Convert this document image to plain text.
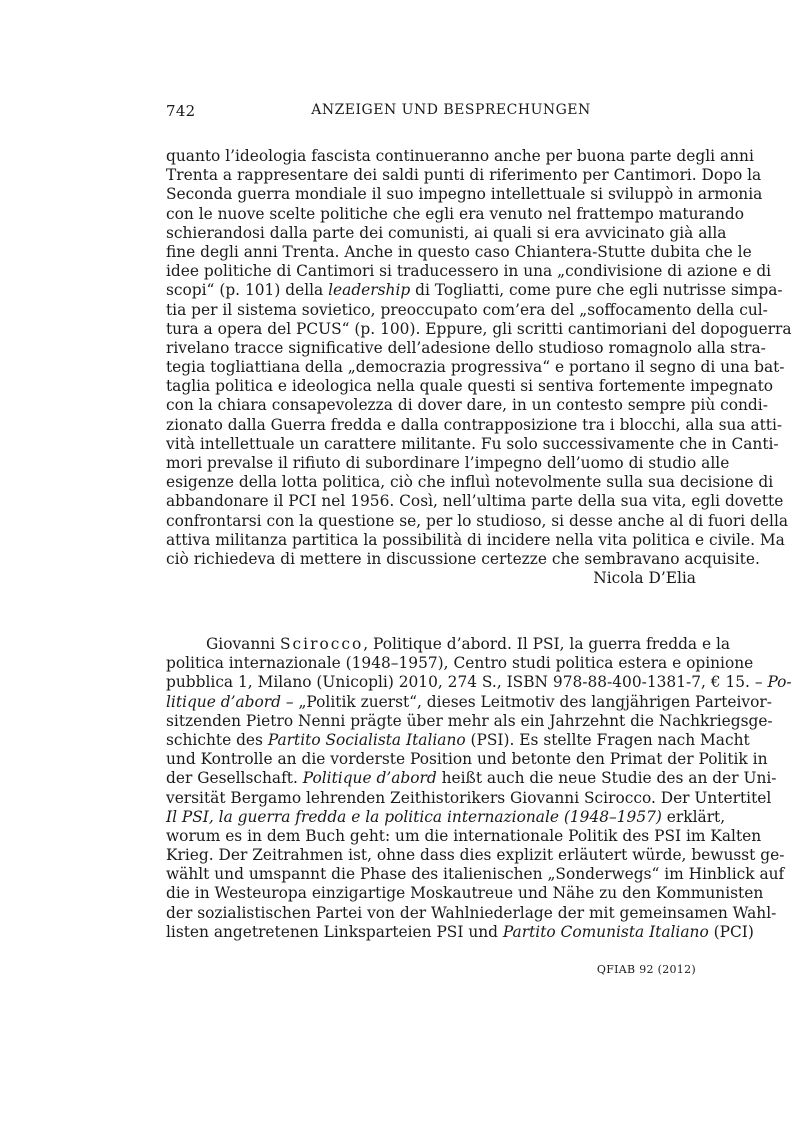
742	ANZEIGEN UND BESPRECHUNGEN
quanto l’ideologia fascista continueranno anche per buona parte degli anni
Trenta a rappresentare dei saldi punti di riferimento per Cantimori. Dopo la
Seconda guerra mondiale il suo impegno intellettuale si sviluppò in armonia
con le nuove scelte politiche che egli era venuto nel frattempo maturando
schierandosi dalla parte dei comunisti, ai quali si era avvicinato già alla
fine degli anni Trenta. Anche in questo caso Chiantera-Stutte dubita che le
idee politiche di Cantimori si traducessero in una „condivisione di azione e di
scopi“ (p. 101) della leadership di Togliatti, come pure che egli nutrisse simpa-
tia per il sistema sovietico, preoccupato com’era del „soffocamento della cul-
tura a opera del PCUS“ (p. 100). Eppure, gli scritti cantimoriani del dopoguerra
rivelano tracce significative dell’adesione dello studioso romagnolo alla stra-
tegia togliattiana della „democrazia progressiva“ e portano il segno di una bat-
taglia politica e ideologica nella quale questi si sentiva fortemente impegnato
con la chiara consapevolezza di dover dare, in un contesto sempre più condi-
zionato dalla Guerra fredda e dalla contrapposizione tra i blocchi, alla sua atti-
vità intellettuale un carattere militante. Fu solo successivamente che in Canti-
mori prevalse il rifiuto di subordinare l’impegno dell’uomo di studio alle
esigenze della lotta politica, ciò che influì notevolmente sulla sua decisione di
abbandonare il PCI nel 1956. Così, nell’ultima parte della sua vita, egli dovette
confrontarsi con la questione se, per lo studioso, si desse anche al di fuori della
attiva militanza partitica la possibilità di incidere nella vita politica e civile. Ma
ciò richiedeva di mettere in discussione certezze che sembravano acquisite.
Nicola D’Elia
Giovanni Scirocco, Politique d’abord. Il PSI, la guerra fredda e la
politica internazionale (1948–1957), Centro studi politica estera e opinione
pubblica 1, Milano (Unicopli) 2010, 274 S., ISBN 978-88-400-1381-7, € 15. – Po-
litique d’abord – „Politik zuerst“, dieses Leitmotiv des langjährigen Parteivor-
sitzenden Pietro Nenni prägte über mehr als ein Jahrzehnt die Nachkriegsge-
schichte des Partito Socialista Italiano (PSI). Es stellte Fragen nach Macht
und Kontrolle an die vorderste Position und betonte den Primat der Politik in
der Gesellschaft. Politique d’abord heißt auch die neue Studie des an der Uni-
versität Bergamo lehrenden Zeithistorikers Giovanni Scirocco. Der Untertitel
Il PSI, la guerra fredda e la politica internazionale (1948–1957) erklärt,
worum es in dem Buch geht: um die internationale Politik des PSI im Kalten
Krieg. Der Zeitrahmen ist, ohne dass dies explizit erläutert würde, bewusst ge-
wählt und umspannt die Phase des italienischen „Sonderwegs“ im Hinblick auf
die in Westeuropa einzigartige Moskautreue und Nähe zu den Kommunisten
der sozialistischen Partei von der Wahlniederlage der mit gemeinsamen Wahl-
listen angetretenen Linksparteien PSI und Partito Comunista Italiano (PCI)
QFIAB 92 (2012)
